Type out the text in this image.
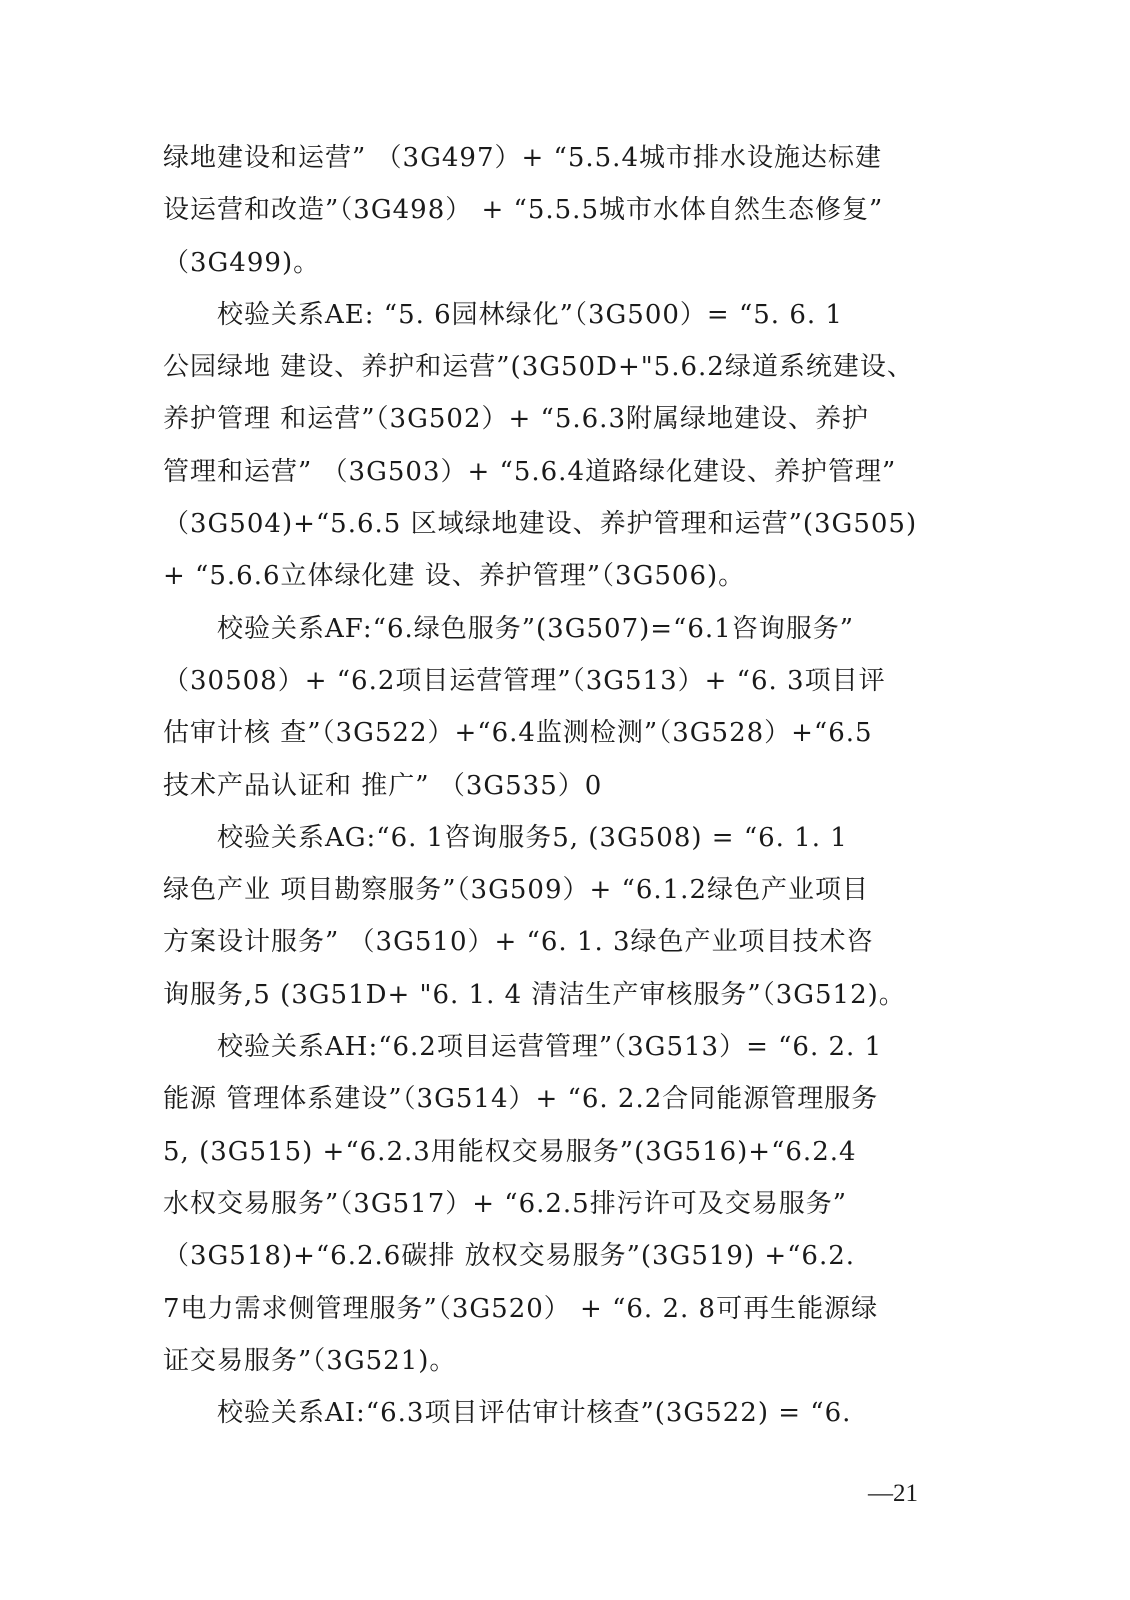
绿地建设和运营” （3G497）+ “5.5.4城市排水设施达标建
设运营和改造”（3G498） + “5.5.5城市水体自然生态修复”
（3G499)。
校验关系AE: “5. 6园林绿化”（3G500）= “5. 6. 1
公园绿地 建设、养护和运营”(3G50D+"5.6.2绿道系统建设、
养护管理 和运营”（3G502）+ “5.6.3附属绿地建设、养护
管理和运营” （3G503）+ “5.6.4道路绿化建设、养护管理”
（3G504)+“5.6.5 区域绿地建设、养护管理和运营”(3G505)
+ “5.6.6立体绿化建 设、养护管理”（3G506)。
校验关系AF:“6.绿色服务”(3G507)=“6.1咨询服务”
（30508）+ “6.2项目运营管理”（3G513）+ “6. 3项目评
估审计核 查”（3G522）+“6.4监测检测”（3G528）+“6.5
技术产品认证和 推广” （3G535）0
校验关系AG:“6. 1咨询服务5, (3G508) = “6. 1. 1
绿色产业 项目勘察服务”（3G509）+ “6.1.2绿色产业项目
方案设计服务” （3G510）+ “6. 1. 3绿色产业项目技术咨
询服务,5 (3G51D+ "6. 1. 4 清洁生产审核服务”（3G512)。
校验关系AH:“6.2项目运营管理”（3G513）= “6. 2. 1
能源 管理体系建设”（3G514）+ “6. 2.2合同能源管理服务
5, (3G515) +“6.2.3用能权交易服务”(3G516)+“6.2.4
水权交易服务”（3G517）+ “6.2.5排污许可及交易服务”
（3G518)+“6.2.6碳排 放权交易服务”(3G519) +“6.2.
7电力需求侧管理服务”（3G520） + “6. 2. 8可再生能源绿
证交易服务”（3G521)。
校验关系AI:“6.3项目评估审计核查”(3G522) = “6.
—21
